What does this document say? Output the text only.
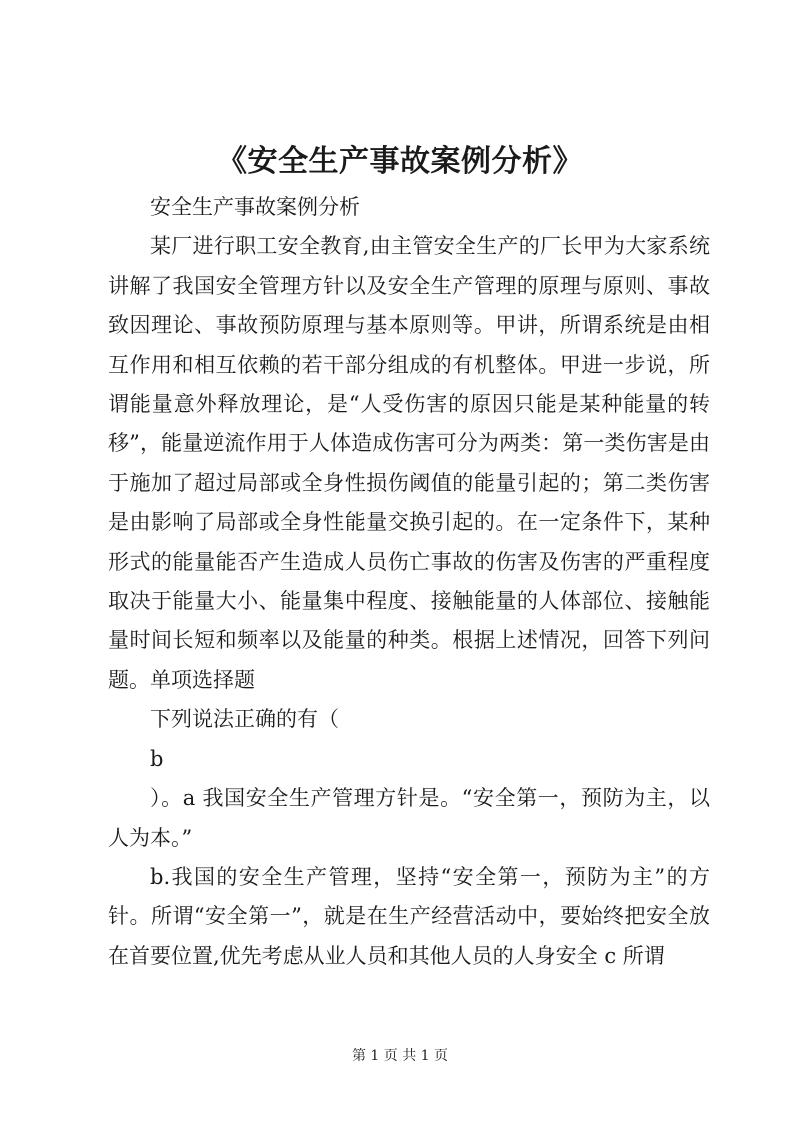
《安全生产事故案例分析》

安全生产事故案例分析

某厂进行职工安全教育,由主管安全生产的厂长甲为大家系统讲解了我国安全管理方针以及安全生产管理的原理与原则、事故致因理论、事故预防原理与基本原则等。甲讲，所谓系统是由相互作用和相互依赖的若干部分组成的有机整体。甲进一步说，所谓能量意外释放理论，是“人受伤害的原因只能是某种能量的转移”，能量逆流作用于人体造成伤害可分为两类：第一类伤害是由于施加了超过局部或全身性损伤阈值的能量引起的；第二类伤害是由影响了局部或全身性能量交换引起的。在一定条件下，某种形式的能量能否产生造成人员伤亡事故的伤害及伤害的严重程度取决于能量大小、能量集中程度、接触能量的人体部位、接触能量时间长短和频率以及能量的种类。根据上述情况，回答下列问题。单项选择题

下列说法正确的有（

b

）。a 我国安全生产管理方针是。“安全第一，预防为主，以人为本。”

b.我国的安全生产管理，坚持“安全第一，预防为主”的方针。所谓“安全第一”，就是在生产经营活动中，要始终把安全放在首要位置,优先考虑从业人员和其他人员的人身安全 c 所谓

第 1 页 共 1 页
